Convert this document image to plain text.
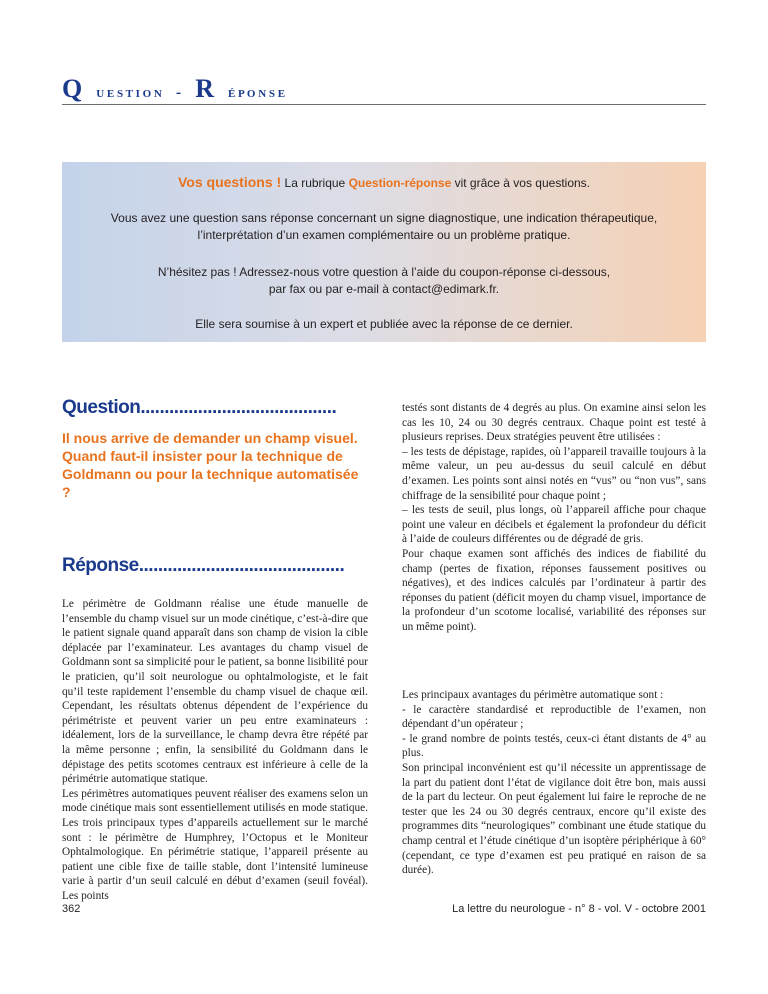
Q U E S T I O N - R É P O N S E

Vos questions ! La rubrique Question-réponse vit grâce à vos questions.

Vous avez une question sans réponse concernant un signe diagnostique, une indication thérapeutique,
l’interprétation d’un examen complémentaire ou un problème pratique.

N’hésitez pas ! Adressez-nous votre question à l’aide du coupon-réponse ci-dessous,
par fax ou par e-mail à contact@edimark.fr.

Elle sera soumise à un expert et publiée avec la réponse de ce dernier.

Question.........................................
Il nous arrive de demander un champ visuel. Quand faut-il insister pour la technique de Goldmann ou pour la technique automatisée ?
Réponse...........................................

Le périmètre de Goldmann réalise une étude manuelle de l’ensemble du champ visuel sur un mode cinétique, c’est-à-dire que le patient signale quand apparaît dans son champ de vision la cible déplacée par l’examinateur. Les avantages du champ visuel de Goldmann sont sa simplicité pour le patient, sa bonne lisibilité pour le praticien, qu’il soit neurologue ou ophtalmologiste, et le fait qu’il teste rapidement l’ensemble du champ visuel de chaque œil. Cependant, les résultats obtenus dépendent de l’expérience du périmétriste et peuvent varier un peu entre examinateurs : idéalement, lors de la surveillance, le champ devra être répété par la même personne ; enfin, la sensibilité du Goldmann dans le dépistage des petits scotomes centraux est inférieure à celle de la périmétrie automatique statique.

Les périmètres automatiques peuvent réaliser des examens selon un mode cinétique mais sont essentiellement utilisés en mode statique. Les trois principaux types d’appareils actuellement sur le marché sont : le périmètre de Humphrey, l’Octopus et le Moniteur Ophtalmologique. En périmétrie statique, l’appareil présente au patient une cible fixe de taille stable, dont l’intensité lumineuse varie à partir d’un seuil calculé en début d’examen (seuil fovéal). Les points

testés sont distants de 4 degrés au plus. On examine ainsi selon les cas les 10, 24 ou 30 degrés centraux. Chaque point est testé à plusieurs reprises. Deux stratégies peuvent être utilisées :

– les tests de dépistage, rapides, où l’appareil travaille toujours à la même valeur, un peu au-dessus du seuil calculé en début d’examen. Les points sont ainsi notés en “vus” ou “non vus”, sans chiffrage de la sensibilité pour chaque point ;

– les tests de seuil, plus longs, où l’appareil affiche pour chaque point une valeur en décibels et également la profondeur du déficit à l’aide de couleurs différentes ou de dégradé de gris.

Pour chaque examen sont affichés des indices de fiabilité du champ (pertes de fixation, réponses faussement positives ou négatives), et des indices calculés par l’ordinateur à partir des réponses du patient (déficit moyen du champ visuel, importance de la profondeur d’un scotome localisé, variabilité des réponses sur un même point).

Les principaux avantages du périmètre automatique sont :

- le caractère standardisé et reproductible de l’examen, non dépendant d’un opérateur ;

- le grand nombre de points testés, ceux-ci étant distants de 4° au plus.

Son principal inconvénient est qu’il nécessite un apprentissage de la part du patient dont l’état de vigilance doit être bon, mais aussi de la part du lecteur. On peut également lui faire le reproche de ne tester que les 24 ou 30 degrés centraux, encore qu’il existe des programmes dits “neurologiques” combinant une étude statique du champ central et l’étude cinétique d’un isoptère périphérique à 60° (cependant, ce type d’examen est peu pratiqué en raison de sa durée).

362	La lettre du neurologue - n° 8 - vol. V - octobre 2001
